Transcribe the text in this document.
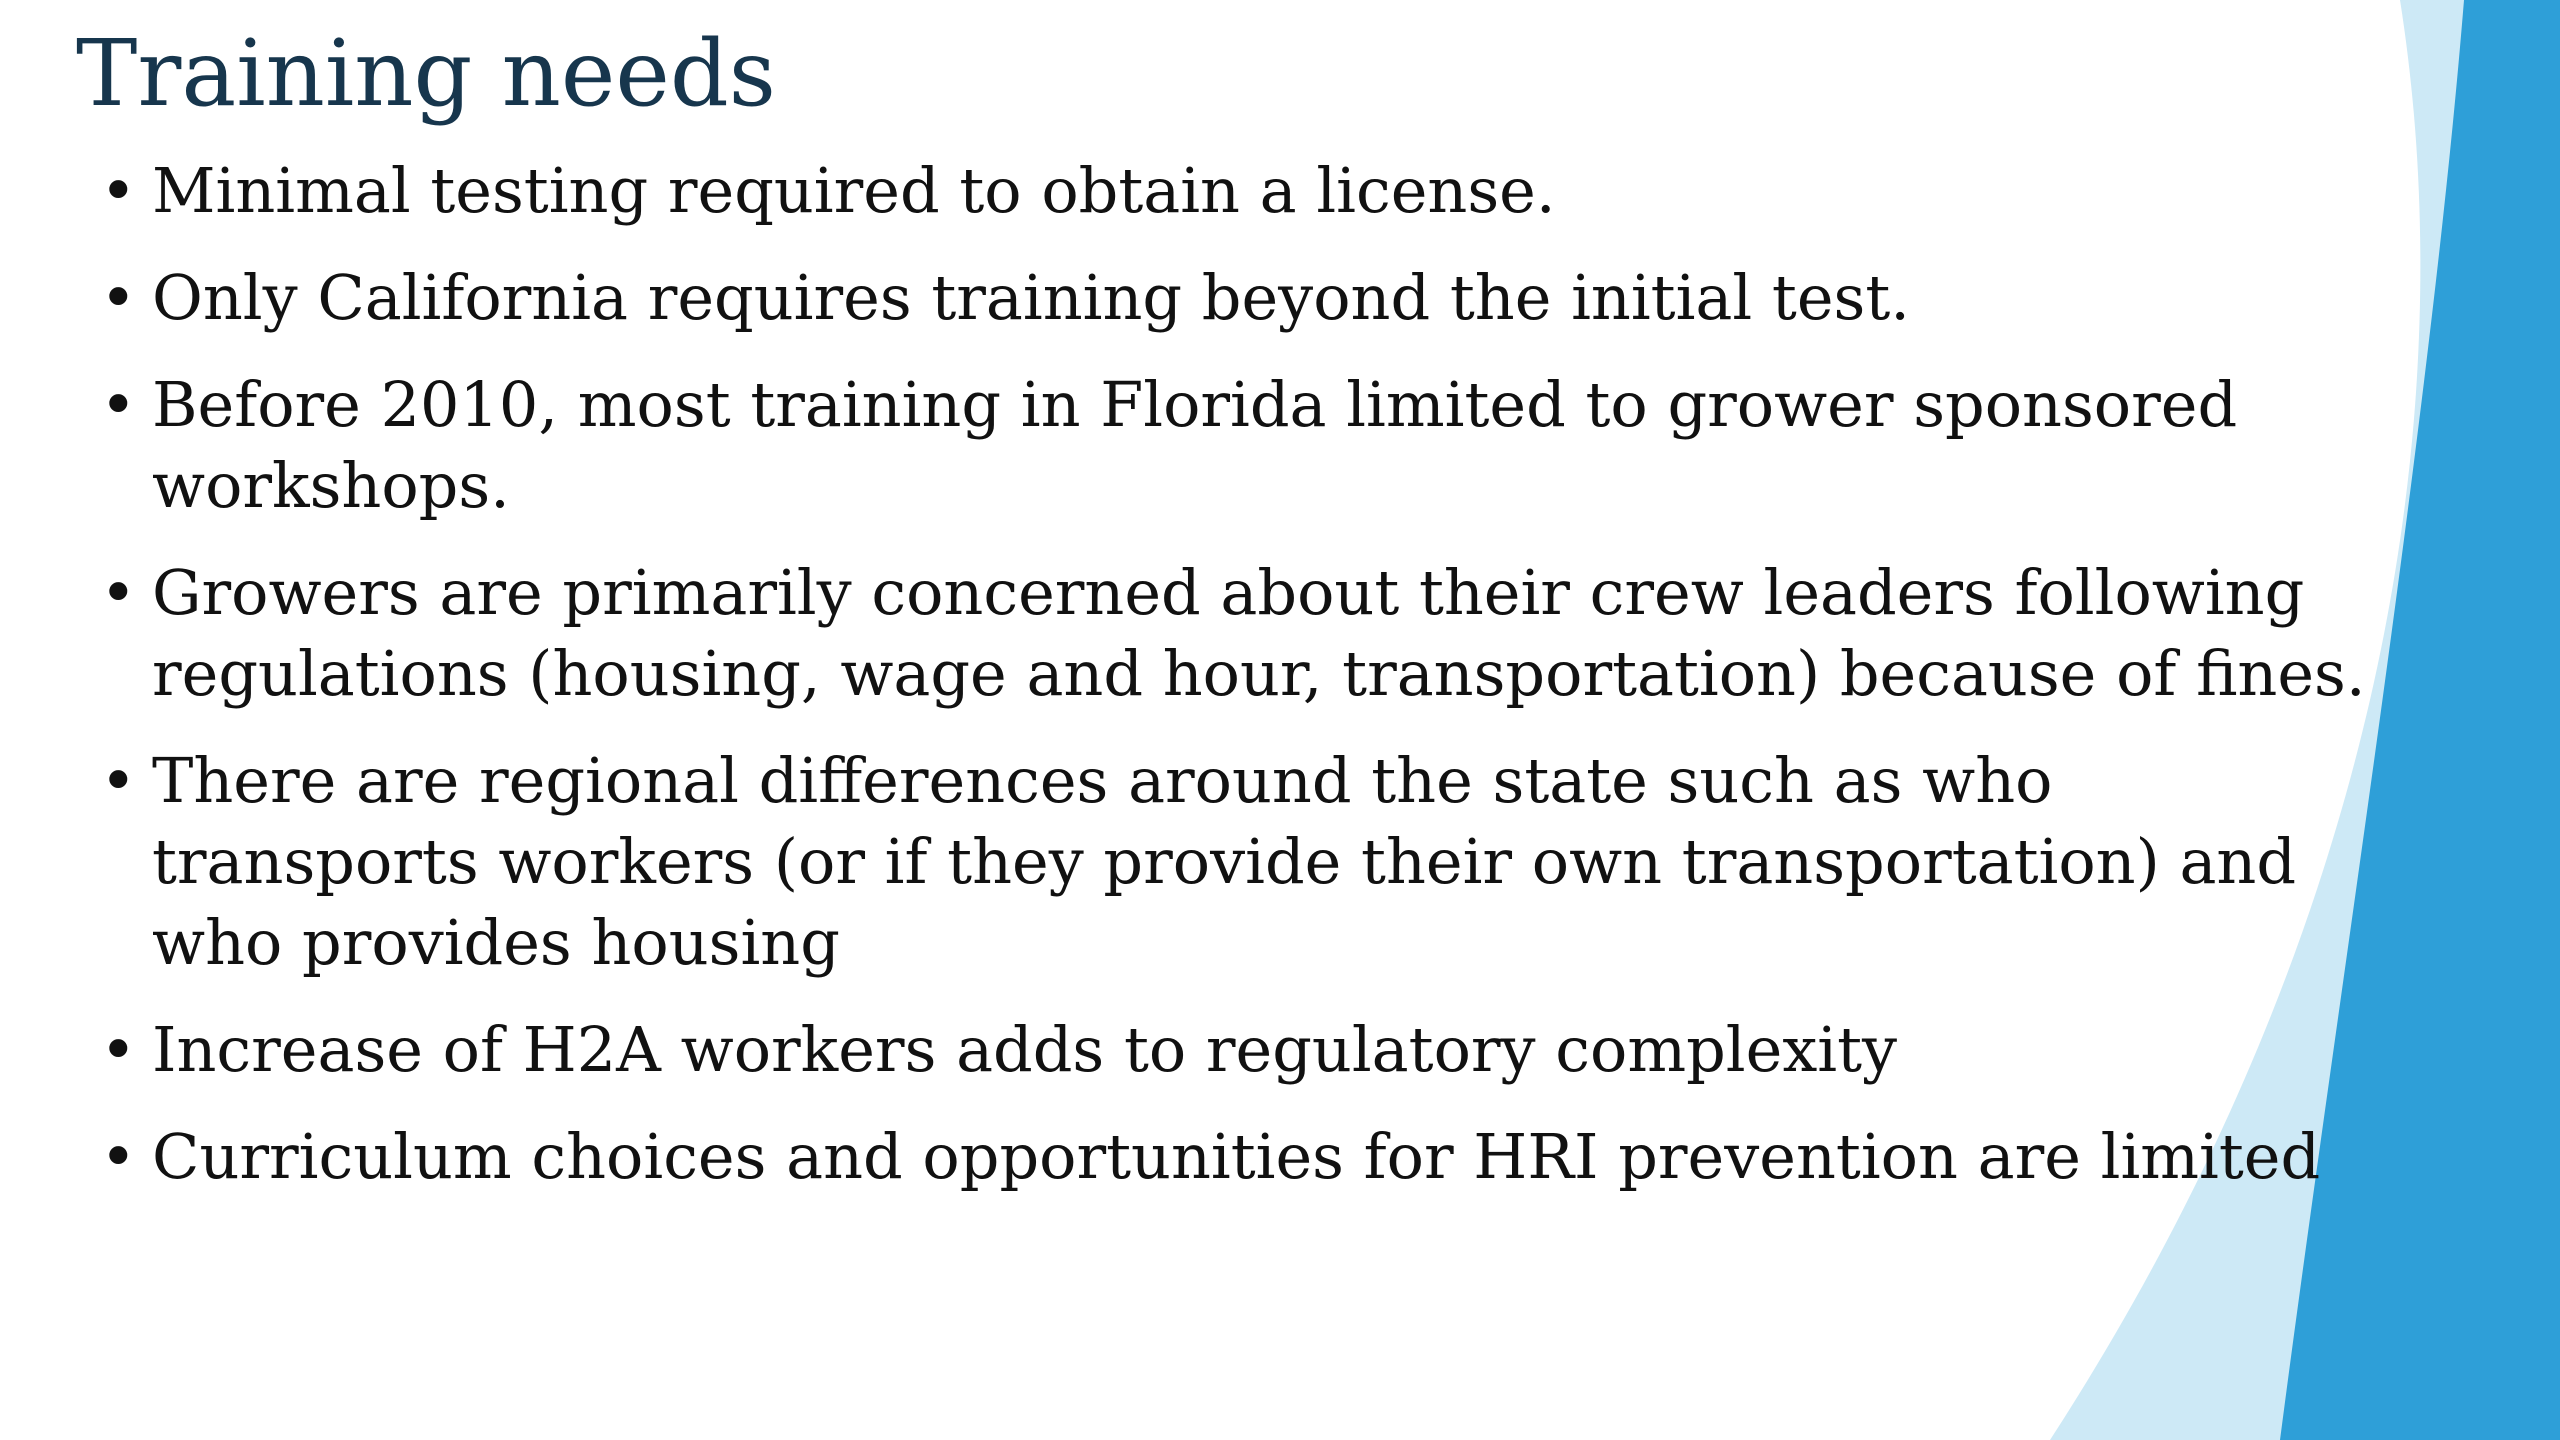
Training needs
• Minimal testing required to obtain a license.
• Only California requires training beyond the initial test.
• Before 2010, most training in Florida limited to grower sponsored workshops.
• Growers are primarily concerned about their crew leaders following regulations (housing, wage and hour, transportation) because of fines.
• There are regional differences around the state such as who transports workers (or if they provide their own transportation) and who provides housing
• Increase of H2A workers adds to regulatory complexity
• Curriculum choices and opportunities for HRI prevention are limited
